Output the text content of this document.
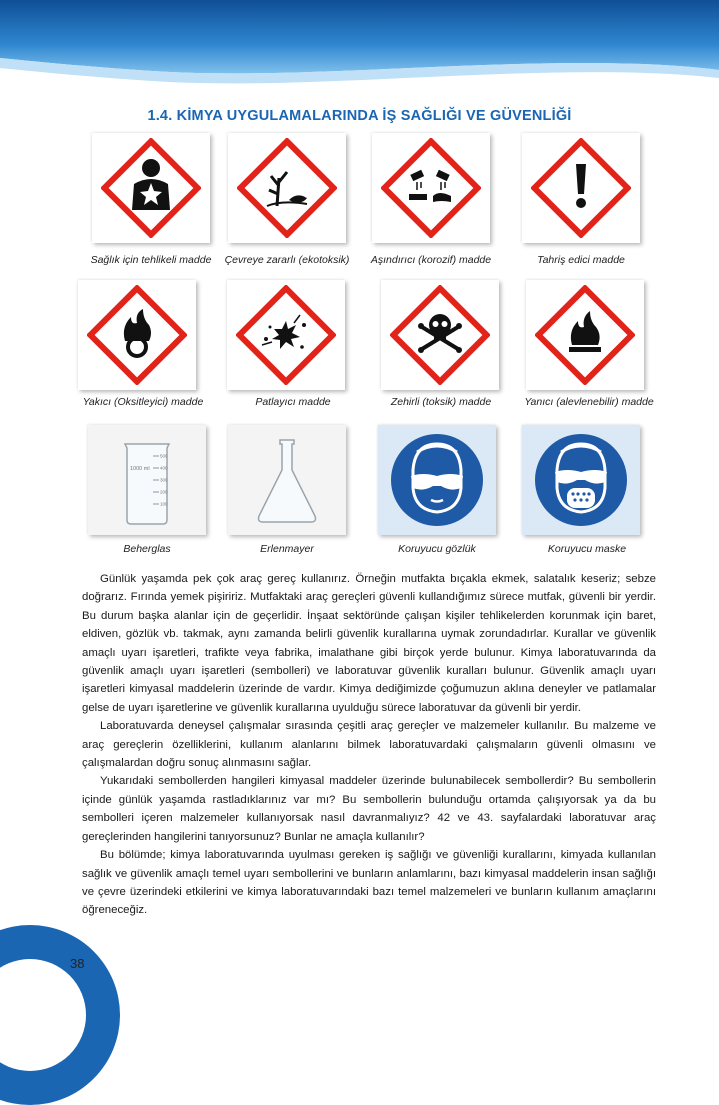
1.4. KİMYA UYGULAMALARINDA İŞ SAĞLIĞI VE GÜVENLİĞİ
Sağlık için tehlikeli madde	Çevreye zararlı (ekotoksik)	Aşındırıcı (korozif) madde	Tahriş edici madde
Yakıcı (Oksitleyici) madde	Patlayıcı madde	Zehirli (toksik) madde	Yanıcı (alevlenebilir) madde
1000 ml
500
400
300
200
100
Beherglas	Erlenmayer	Koruyucu gözlük	Koruyucu maske

Günlük yaşamda pek çok araç gereç kullanırız. Örneğin mutfakta bıçakla ekmek, salatalık keseriz; sebze doğrarız. Fırında yemek pişiririz. Mutfaktaki araç gereçleri güvenli kullandığımız sürece mutfak, güvenli bir yerdir. Bu durum başka alanlar için de geçerlidir. İnşaat sektöründe çalışan kişiler tehlikelerden korunmak için baret, eldiven, gözlük vb. takmak, aynı zamanda belirli güvenlik kurallarına uymak zorundadırlar. Kurallar ve güvenlik amaçlı uyarı işaretleri, trafikte veya fabrika, imalathane gibi birçok yerde bulunur. Kimya laboratuvarında da güvenlik amaçlı uyarı işaretleri (sembolleri) ve laboratuvar güvenlik kuralları bulunur. Güvenlik amaçlı uyarı işaretleri kimyasal maddelerin üzerinde de vardır. Kimya dediğimizde çoğumuzun aklına deneyler ve patlamalar gelse de uyarı işaretlerine ve güvenlik kurallarına uyulduğu sürece laboratuvar da güvenli bir yerdir.

Laboratuvarda deneysel çalışmalar sırasında çeşitli araç gereçler ve malzemeler kullanılır. Bu malzeme ve araç gereçlerin özelliklerini, kullanım alanlarını bilmek laboratuvardaki çalışmaların güvenli olmasını ve çalışmalardan doğru sonuç alınmasını sağlar.

Yukarıdaki sembollerden hangileri kimyasal maddeler üzerinde bulunabilecek sembollerdir? Bu sembollerin içinde günlük yaşamda rastladıklarınız var mı? Bu sembollerin bulunduğu ortamda çalışıyorsak ya da bu sembolleri içeren malzemeler kullanıyorsak nasıl davranmalıyız? 42 ve 43. sayfalardaki laboratuvar araç gereçlerinden hangilerini tanıyorsunuz? Bunlar ne amaçla kullanılır?

Bu bölümde; kimya laboratuvarında uyulması gereken iş sağlığı ve güvenliği kurallarını, kimyada kullanılan sağlık ve güvenlik amaçlı temel uyarı sembollerini ve bunların anlamlarını, bazı kimyasal maddelerin insan sağlığı ve çevre üzerindeki etkilerini ve kimya laboratuvarındaki bazı temel malzemeleri ve bunların kullanım amaçlarını öğreneceğiz.

38
